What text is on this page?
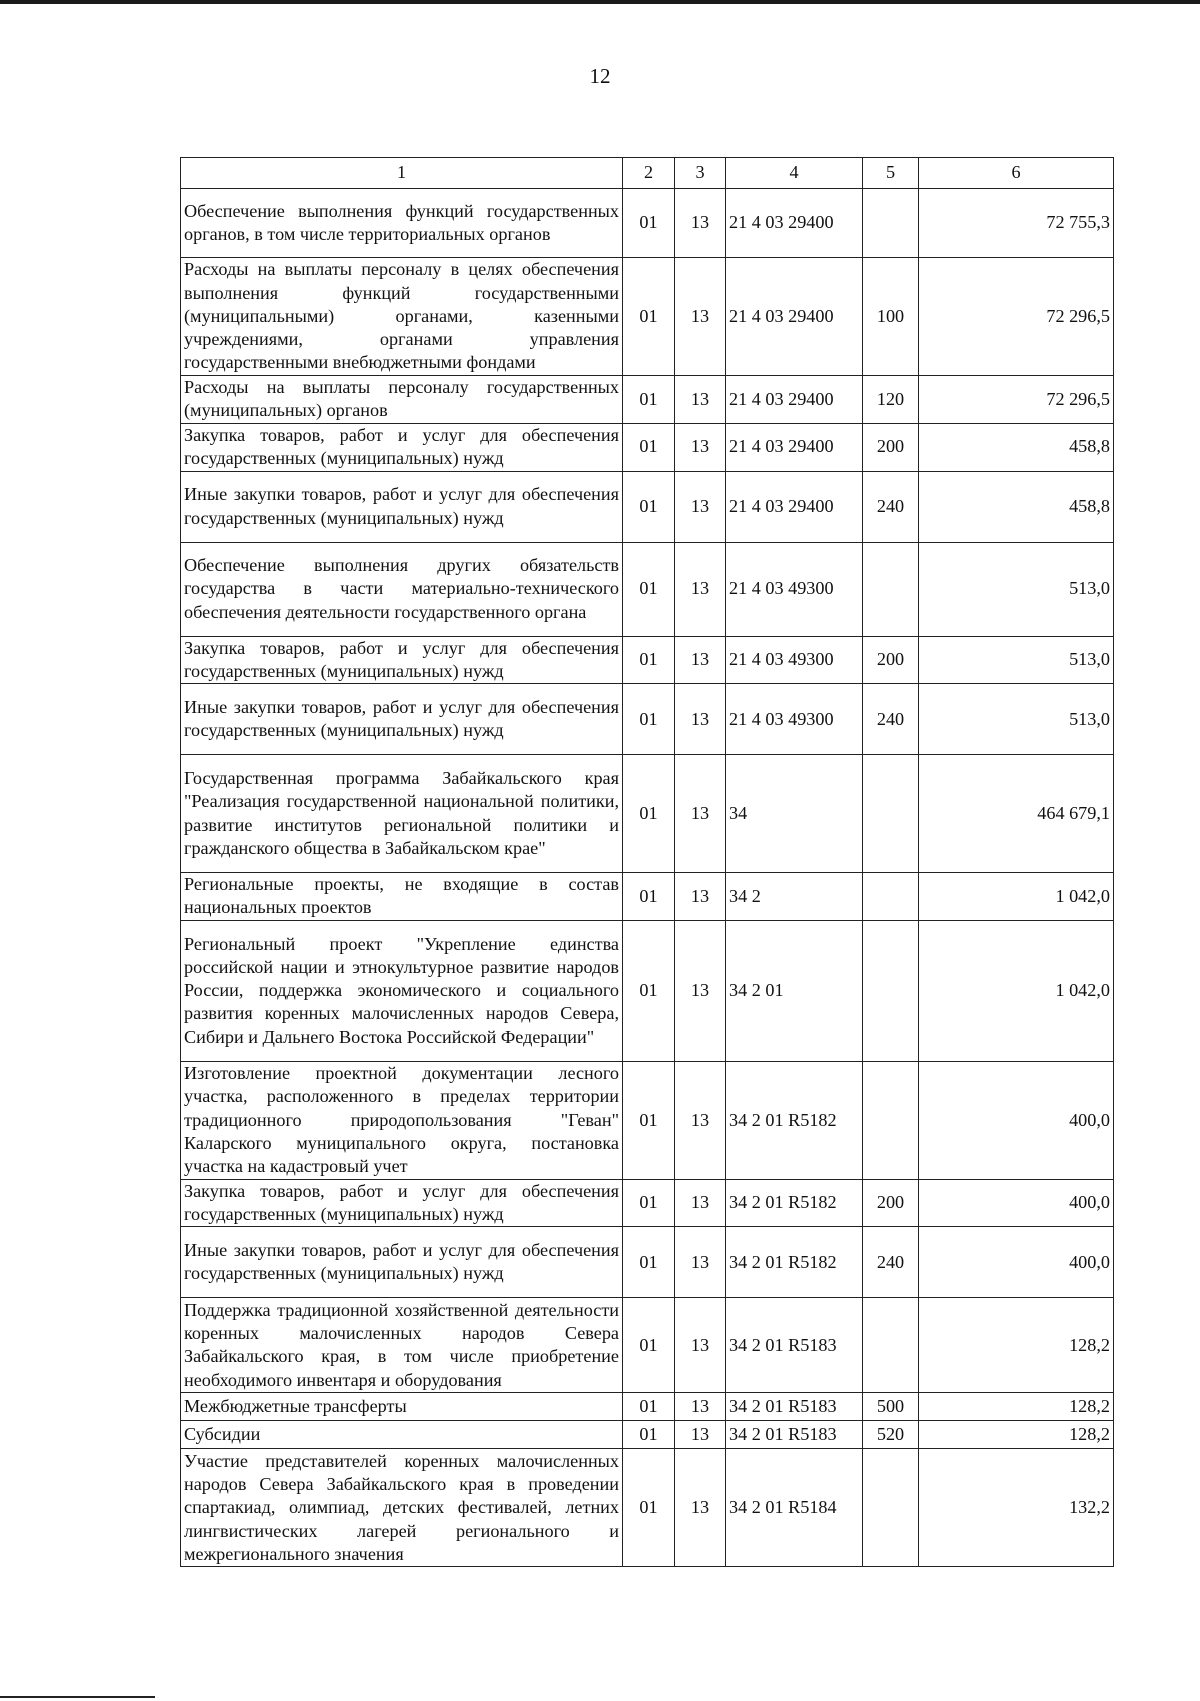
12
1	2	3	4	5	6
Обеспечение выполнения функций государственных органов, в том числе территориальных органов	01	13	21 4 03 29400		72 755,3
Расходы на выплаты персоналу в целях обеспечения выполнения функций государственными (муниципальными) органами, казенными учреждениями, органами управления государственными внебюджетными фондами	01	13	21 4 03 29400	100	72 296,5
Расходы на выплаты персоналу государственных (муниципальных) органов	01	13	21 4 03 29400	120	72 296,5
Закупка товаров, работ и услуг для обеспечения государственных (муниципальных) нужд	01	13	21 4 03 29400	200	458,8
Иные закупки товаров, работ и услуг для обеспечения государственных (муниципальных) нужд	01	13	21 4 03 29400	240	458,8
Обеспечение выполнения других обязательств государства в части материально-технического обеспечения деятельности государственного органа	01	13	21 4 03 49300		513,0
Закупка товаров, работ и услуг для обеспечения государственных (муниципальных) нужд	01	13	21 4 03 49300	200	513,0
Иные закупки товаров, работ и услуг для обеспечения государственных (муниципальных) нужд	01	13	21 4 03 49300	240	513,0
Государственная программа Забайкальского края "Реализация государственной национальной политики, развитие институтов региональной политики и гражданского общества в Забайкальском крае"	01	13	34		464 679,1
Региональные проекты, не входящие в состав национальных проектов	01	13	34 2		1 042,0
Региональный проект "Укрепление единства российской нации и этнокультурное развитие народов России, поддержка экономического и социального развития коренных малочисленных народов Севера, Сибири и Дальнего Востока Российской Федерации"	01	13	34 2 01		1 042,0
Изготовление проектной документации лесного участка, расположенного в пределах территории традиционного природопользования "Геван" Каларского муниципального округа, постановка участка на кадастровый учет	01	13	34 2 01 R5182		400,0
Закупка товаров, работ и услуг для обеспечения государственных (муниципальных) нужд	01	13	34 2 01 R5182	200	400,0
Иные закупки товаров, работ и услуг для обеспечения государственных (муниципальных) нужд	01	13	34 2 01 R5182	240	400,0
Поддержка традиционной хозяйственной деятельности коренных малочисленных народов Севера Забайкальского края, в том числе приобретение необходимого инвентаря и оборудования	01	13	34 2 01 R5183		128,2
Межбюджетные трансферты	01	13	34 2 01 R5183	500	128,2
Субсидии	01	13	34 2 01 R5183	520	128,2
Участие представителей коренных малочисленных народов Севера Забайкальского края в проведении спартакиад, олимпиад, детских фестивалей, летних лингвистических лагерей регионального и межрегионального значения	01	13	34 2 01 R5184		132,2
